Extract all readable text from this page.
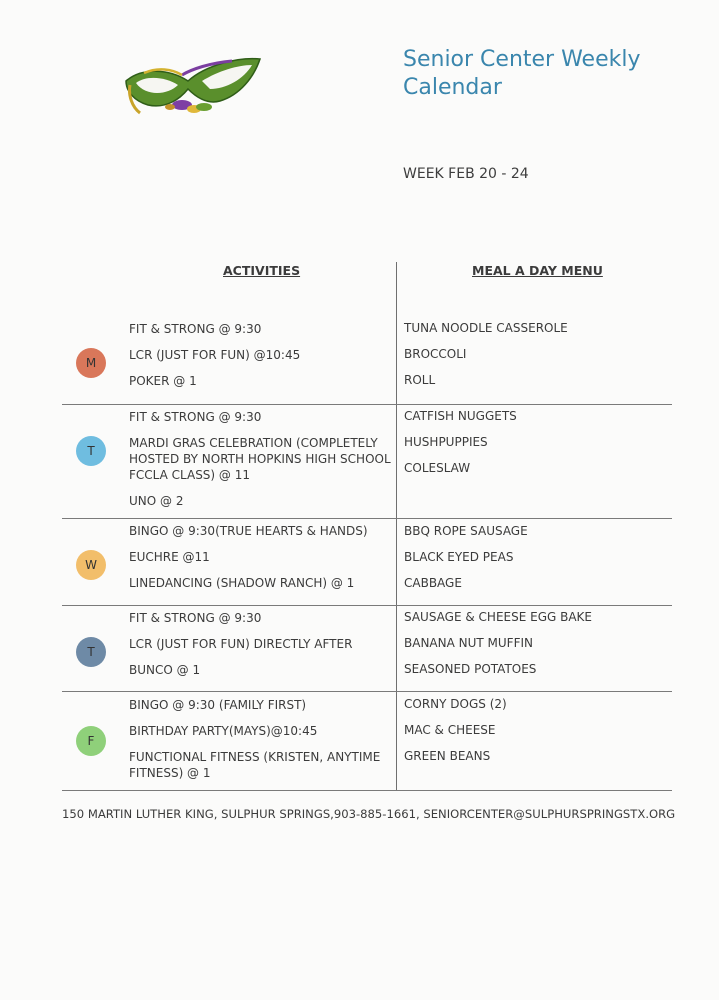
Senior Center Weekly Calendar
WEEK FEB 20 - 24
ACTIVITIES	MEAL A DAY MENU
M
FIT & STRONG @ 9:30
LCR (JUST FOR FUN) @10:45
POKER @ 1
TUNA NOODLE CASSEROLE
BROCCOLI
ROLL
T
FIT & STRONG @ 9:30
MARDI GRAS CELEBRATION (COMPLETELY HOSTED BY NORTH HOPKINS HIGH SCHOOL FCCLA CLASS) @ 11
UNO @ 2
CATFISH NUGGETS
HUSHPUPPIES
COLESLAW
W
BINGO @ 9:30(TRUE HEARTS & HANDS)
EUCHRE @11
LINEDANCING (SHADOW RANCH) @ 1
BBQ ROPE SAUSAGE
BLACK EYED PEAS
CABBAGE
T
FIT & STRONG @ 9:30
LCR (JUST FOR FUN) DIRECTLY AFTER
BUNCO @ 1
SAUSAGE & CHEESE EGG BAKE
BANANA NUT MUFFIN
SEASONED POTATOES
F
BINGO @ 9:30 (FAMILY FIRST)
BIRTHDAY PARTY(MAYS)@10:45
FUNCTIONAL FITNESS (KRISTEN, ANYTIME FITNESS) @ 1
CORNY DOGS (2)
MAC & CHEESE
GREEN BEANS
150 MARTIN LUTHER KING, SULPHUR SPRINGS,903-885-1661, SENIORCENTER@SULPHURSPRINGSTX.ORG
